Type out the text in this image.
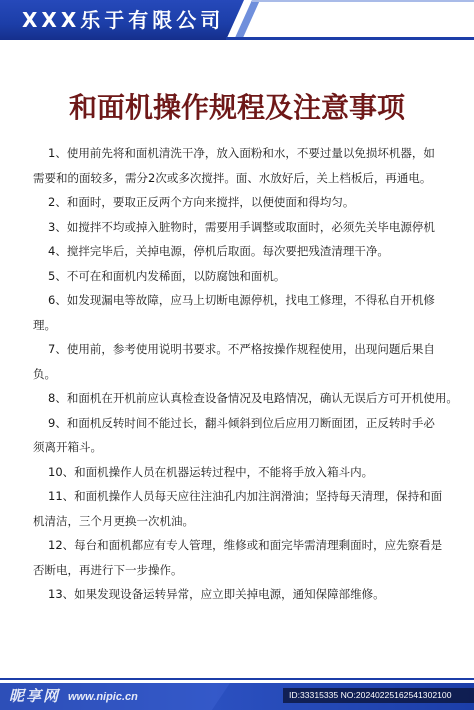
XXX乐于有限公司
和面机操作规程及注意事项
1、使用前先将和面机清洗干净，放入面粉和水，不要过量以免损坏机器，如
需要和的面较多，需分2次或多次搅拌。面、水放好后，关上档板后，再通电。
2、和面时，要取正反两个方向来搅拌，以便使面和得均匀。
3、如搅拌不均或掉入脏物时，需要用手调整或取面时，必须先关毕电源停机
4、搅拌完毕后，关掉电源，停机后取面。每次要把残渣清理干净。
5、不可在和面机内发稀面，以防腐蚀和面机。
6、如发现漏电等故障，应马上切断电源停机，找电工修理，不得私自开机修
理。
7、使用前，参考使用说明书要求。不严格按操作规程使用，出现问题后果自
负。
8、和面机在开机前应认真检查设备情况及电路情况，确认无误后方可开机使用。
9、和面机反转时间不能过长，翻斗倾斜到位后应用刀断面团，正反转时手必
须离开箱斗。
10、和面机操作人员在机器运转过程中，不能将手放入箱斗内。
11、和面机操作人员每天应往注油孔内加注润滑油；坚持每天清理，保持和面
机清洁，三个月更换一次机油。
12、每台和面机都应有专人管理，维修或和面完毕需清理剩面时，应先察看是
否断电，再进行下一步操作。
13、如果发现设备运转异常，应立即关掉电源，通知保障部维修。
昵享网 www.nipic.cn	ID:33315335 NO:20240225162541302100
